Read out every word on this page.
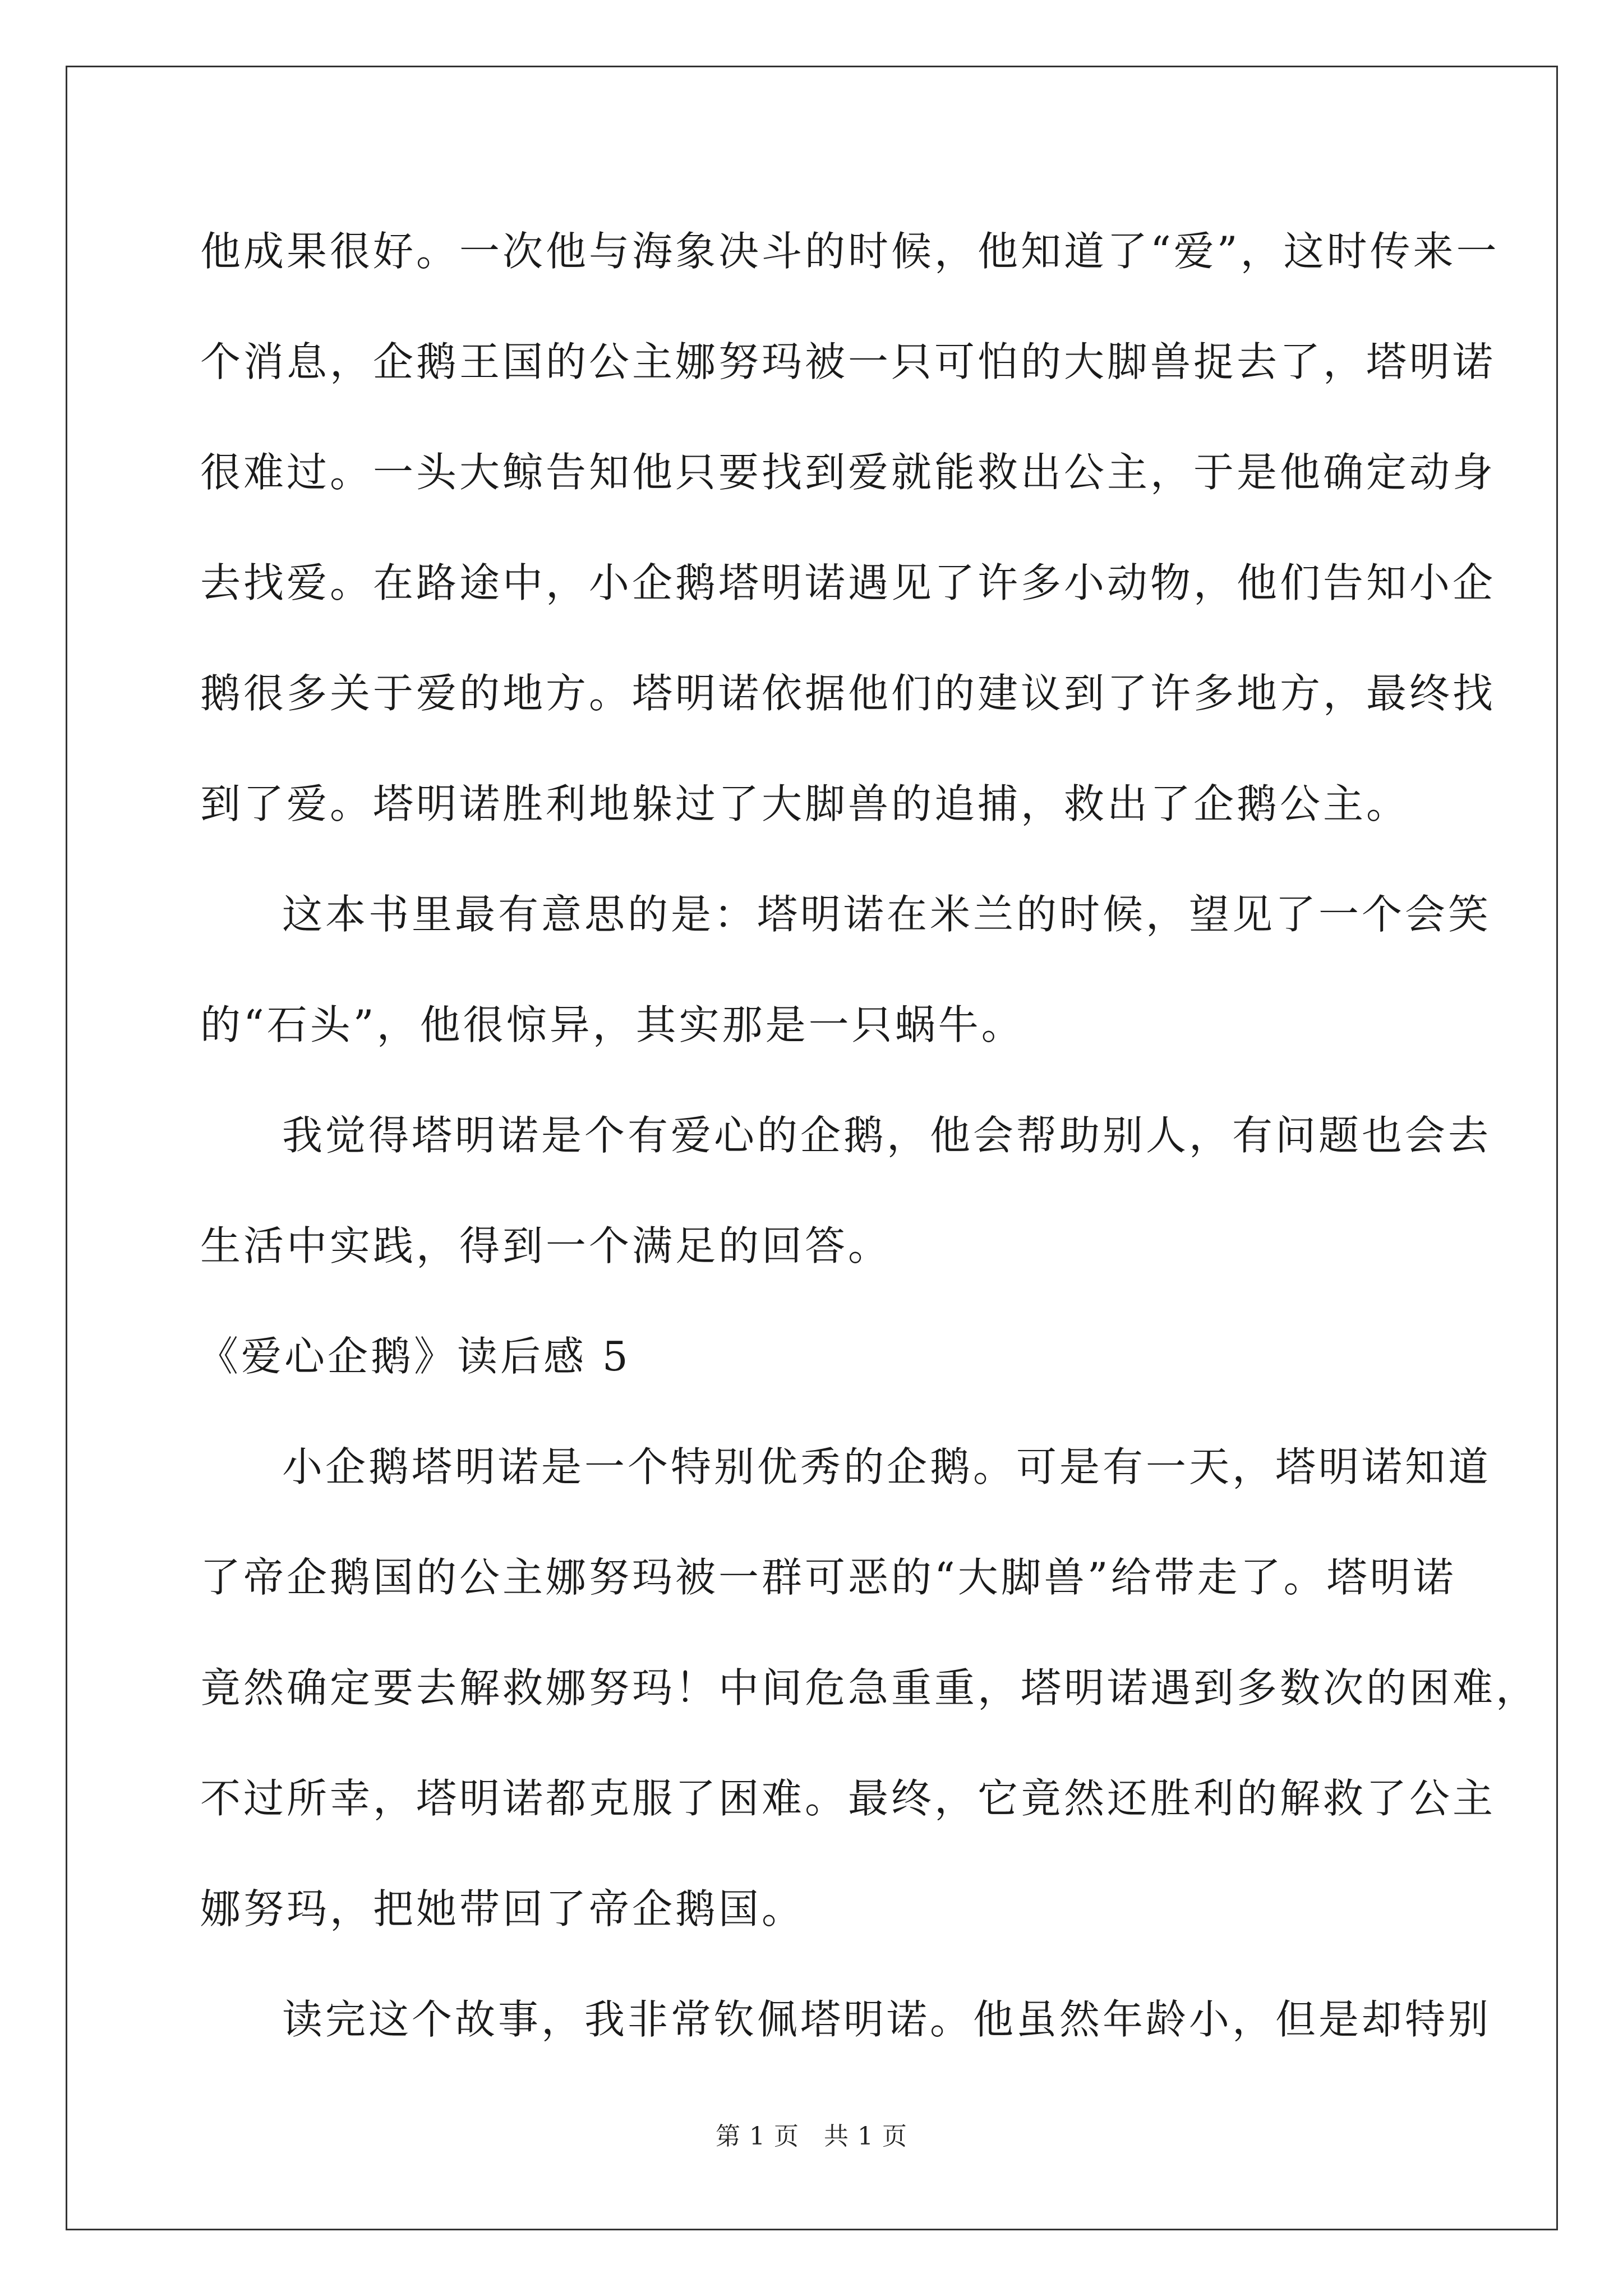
他成果很好。一次他与海象决斗的时候，他知道了“爱”，这时传来一
个消息，企鹅王国的公主娜努玛被一只可怕的大脚兽捉去了，塔明诺
很难过。一头大鲸告知他只要找到爱就能救出公主，于是他确定动身
去找爱。在路途中，小企鹅塔明诺遇见了许多小动物，他们告知小企
鹅很多关于爱的地方。塔明诺依据他们的建议到了许多地方，最终找
到了爱。塔明诺胜利地躲过了大脚兽的追捕，救出了企鹅公主。
这本书里最有意思的是：塔明诺在米兰的时候，望见了一个会笑
的“石头”，他很惊异，其实那是一只蜗牛。
我觉得塔明诺是个有爱心的企鹅，他会帮助别人，有问题也会去
生活中实践，得到一个满足的回答。
《爱心企鹅》读后感 5
小企鹅塔明诺是一个特别优秀的企鹅。可是有一天，塔明诺知道
了帝企鹅国的公主娜努玛被一群可恶的“大脚兽”给带走了。塔明诺
竟然确定要去解救娜努玛！中间危急重重，塔明诺遇到多数次的困难，
不过所幸，塔明诺都克服了困难。最终，它竟然还胜利的解救了公主
娜努玛，把她带回了帝企鹅国。
读完这个故事，我非常钦佩塔明诺。他虽然年龄小，但是却特别
第 1 页 共 1 页
